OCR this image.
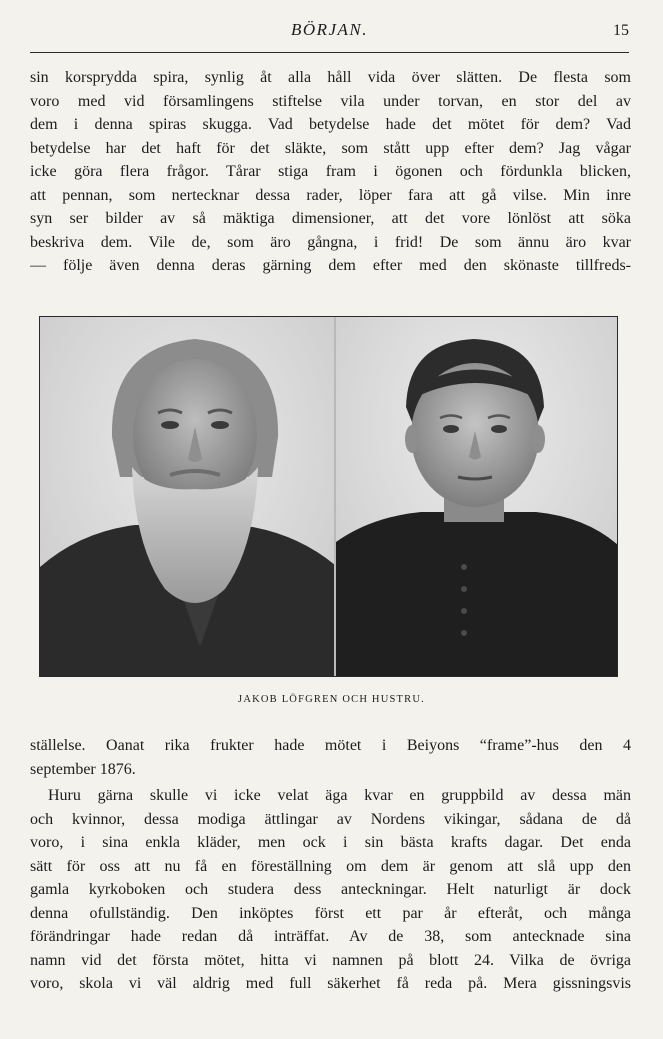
BÖRJAN.	15
sin korsprydda spira, synlig åt alla håll vida över slätten. De flesta som
voro med vid församlingens stiftelse vila under torvan, en stor del av
dem i denna spiras skugga. Vad betydelse hade det mötet för dem? Vad
betydelse har det haft för det släkte, som stått upp efter dem? Jag vågar
icke göra flera frågor. Tårar stiga fram i ögonen och fördunkla blicken,
att pennan, som nertecknar dessa rader, löper fara att gå vilse. Min inre
syn ser bilder av så mäktiga dimensioner, att det vore lönlöst att söka
beskriva dem. Vile de, som äro gångna, i frid! De som ännu äro kvar
— följe även denna deras gärning dem efter med den skönaste tillfreds-
JAKOB LÖFGREN OCH HUSTRU.
ställelse. Oanat rika frukter hade mötet i Beiyons “frame”-hus den 4
september 1876.
Huru gärna skulle vi icke velat äga kvar en gruppbild av dessa män
och kvinnor, dessa modiga ättlingar av Nordens vikingar, sådana de då
voro, i sina enkla kläder, men ock i sin bästa krafts dagar. Det enda
sätt för oss att nu få en föreställning om dem är genom att slå upp den
gamla kyrkoboken och studera dess anteckningar. Helt naturligt är dock
denna ofullständig. Den inköptes först ett par år efteråt, och många
förändringar hade redan då inträffat. Av de 38, som antecknade sina
namn vid det första mötet, hitta vi namnen på blott 24. Vilka de övriga
voro, skola vi väl aldrig med full säkerhet få reda på. Mera gissningsvis
